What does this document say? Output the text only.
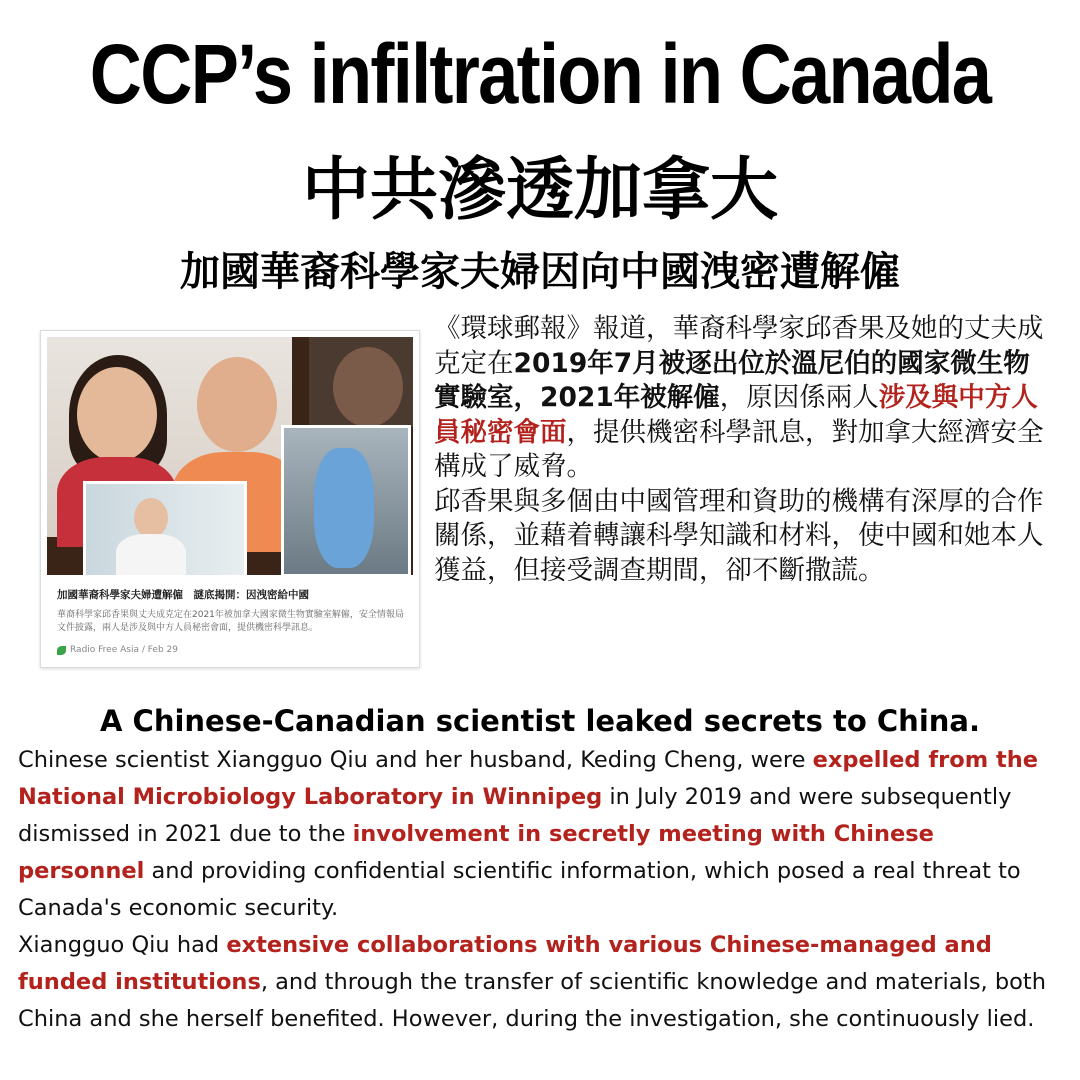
CCP’s infiltration in Canada
中共滲透加拿大
加國華裔科學家夫婦因向中國洩密遭解僱
加國華裔科學家夫婦遭解僱　謎底揭開：因洩密給中國
華裔科學家邱香果與丈夫成克定在2021年被加拿大國家微生物實驗室解僱，安全情報局文件披露，兩人是涉及與中方人員秘密會面，提供機密科學訊息。
Radio Free Asia / Feb 29

《環球郵報》報道，華裔科學家邱香果及她的丈夫成克定在2019年7月被逐出位於溫尼伯的國家微生物實驗室，2021年被解僱，原因係兩人涉及與中方人員秘密會面，提供機密科學訊息，對加拿大經濟安全構成了威脅。

邱香果與多個由中國管理和資助的機構有深厚的合作關係，並藉着轉讓科學知識和材料，使中國和她本人獲益，但接受調查期間，卻不斷撒謊。

A Chinese-Canadian scientist leaked secrets to China.

Chinese scientist Xiangguo Qiu and her husband, Keding Cheng, were expelled from the National Microbiology Laboratory in Winnipeg in July 2019 and were subsequently dismissed in 2021 due to the involvement in secretly meeting with Chinese personnel and providing confidential scientific information, which posed a real threat to Canada's economic security.

Xiangguo Qiu had extensive collaborations with various Chinese-managed and funded institutions, and through the transfer of scientific knowledge and materials, both China and she herself benefited. However, during the investigation, she continuously lied.
